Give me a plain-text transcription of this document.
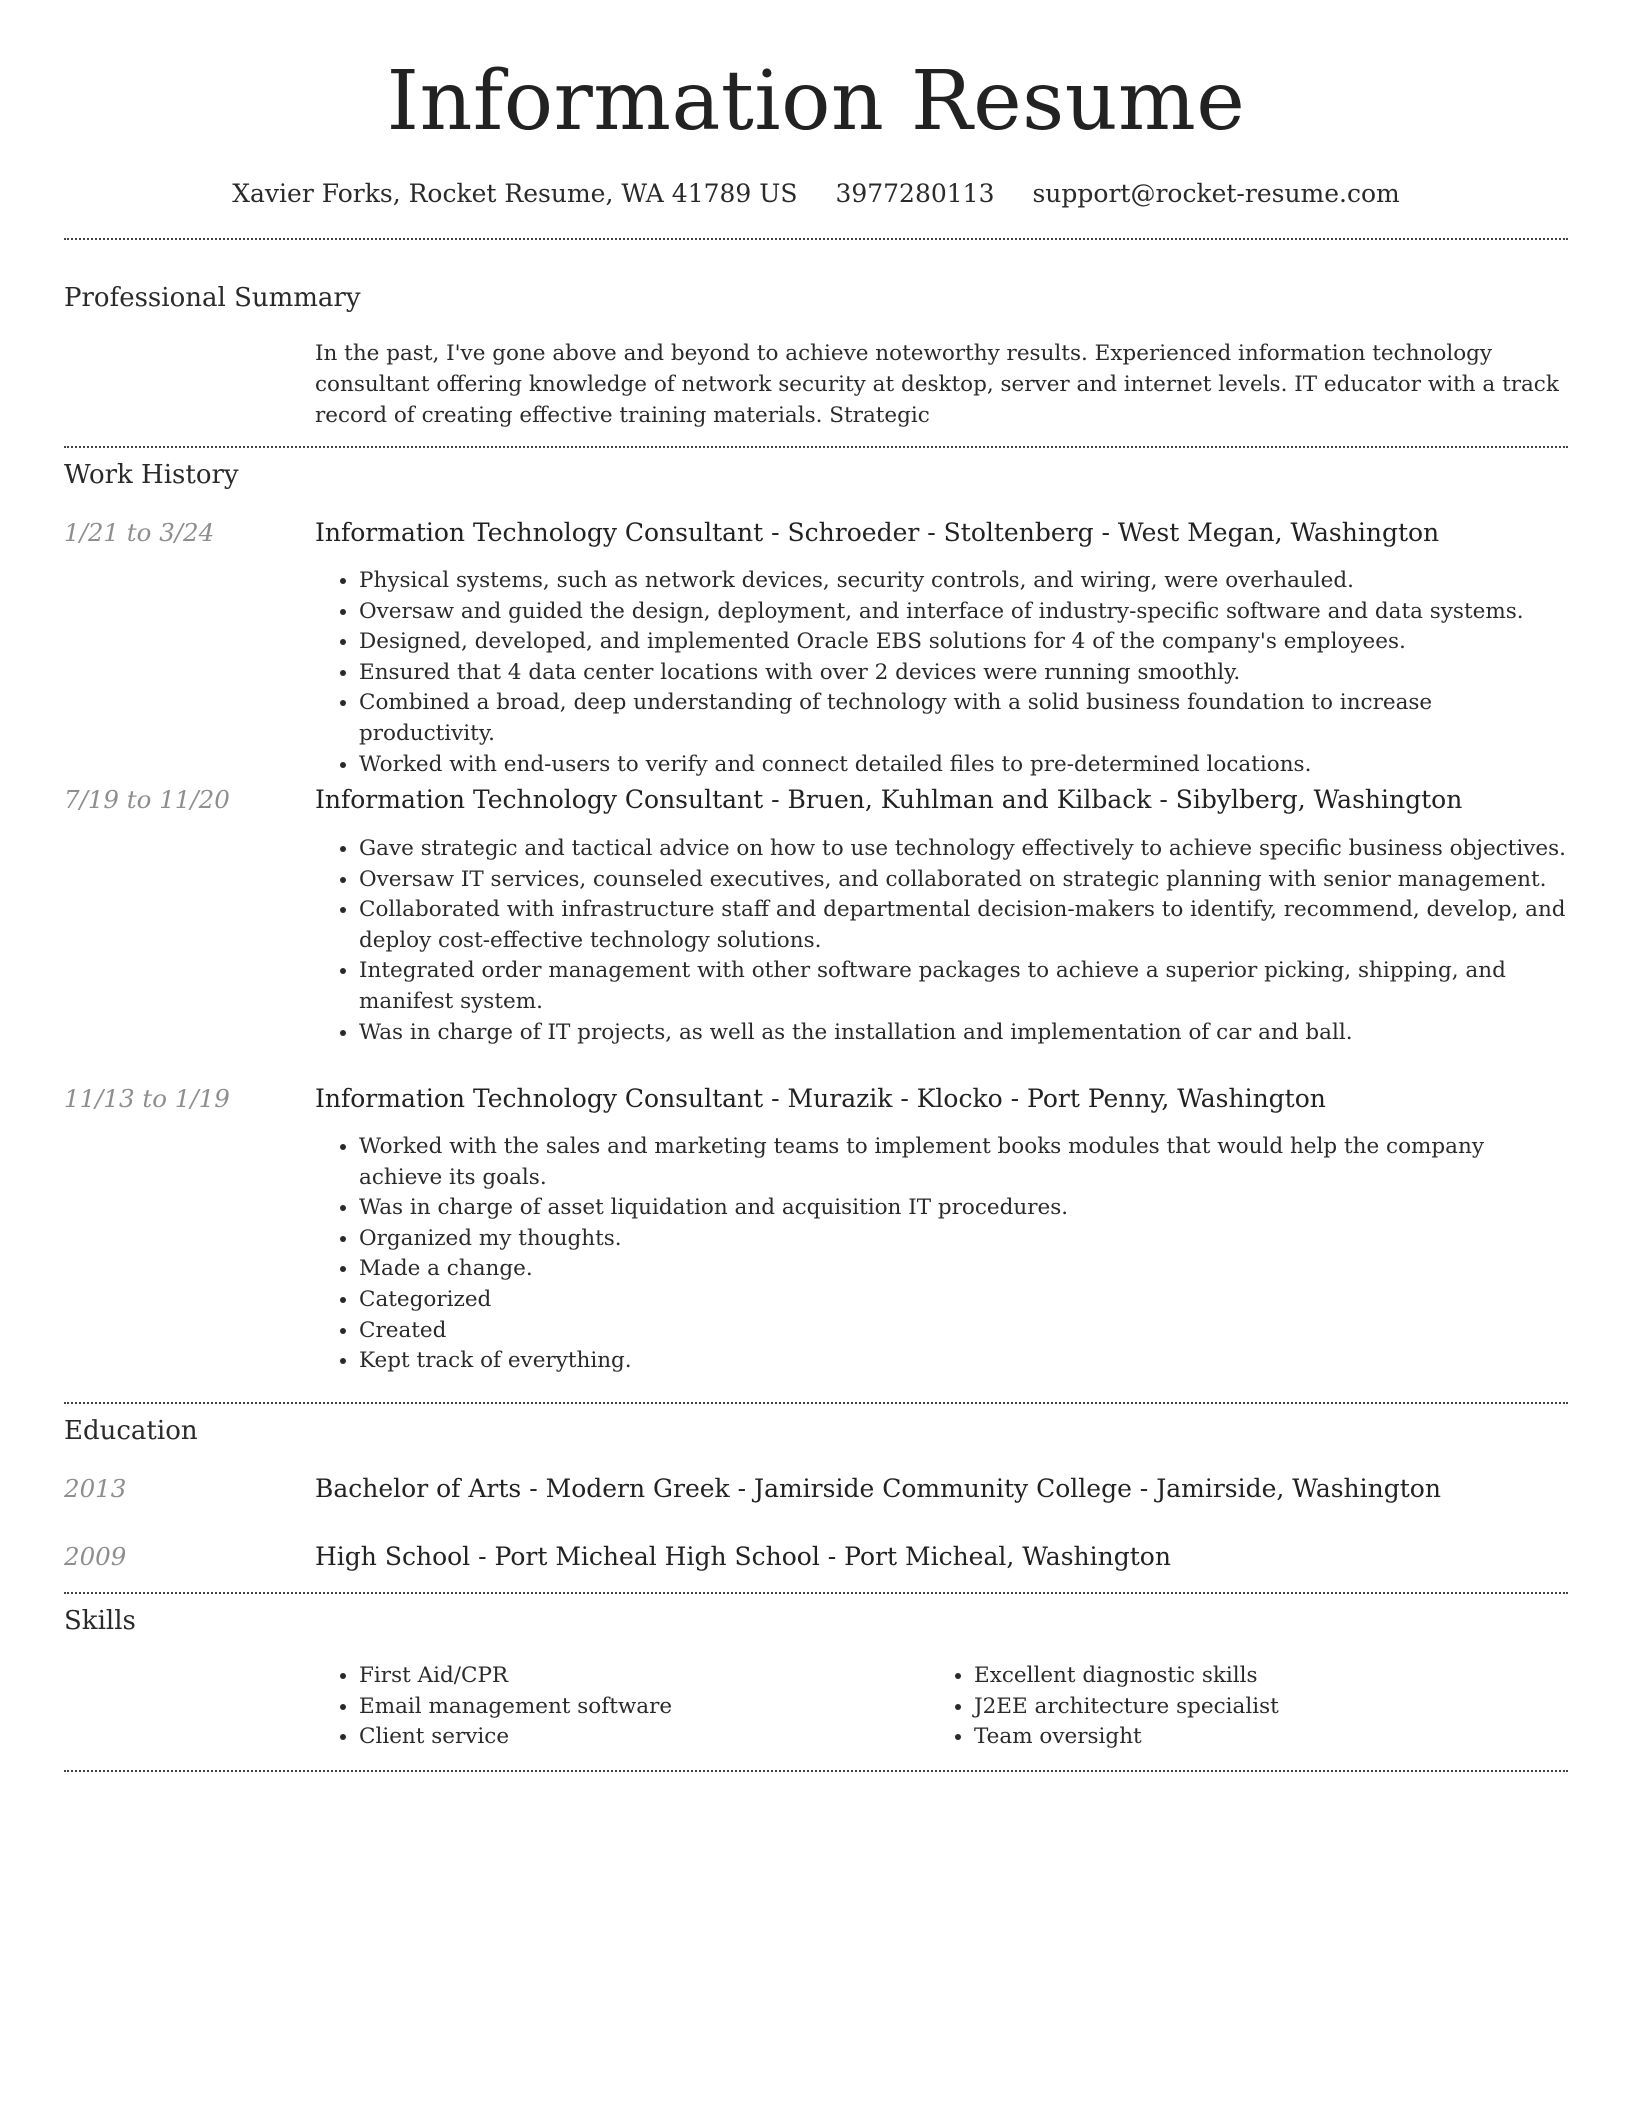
Information Resume
Xavier Forks, Rocket Resume, WA 41789 US 3977280113 support@rocket-resume.com
Professional Summary
In the past, I've gone above and beyond to achieve noteworthy results. Experienced information technology consultant offering knowledge of network security at desktop, server and internet levels. IT educator with a track record of creating effective training materials. Strategic
Work History
1/21 to 3/24	Information Technology Consultant - Schroeder - Stoltenberg - West Megan, Washington
• Physical systems, such as network devices, security controls, and wiring, were overhauled.
• Oversaw and guided the design, deployment, and interface of industry-specific software and data systems.
• Designed, developed, and implemented Oracle EBS solutions for 4 of the company's employees.
• Ensured that 4 data center locations with over 2 devices were running smoothly.
• Combined a broad, deep understanding of technology with a solid business foundation to increase productivity.
• Worked with end-users to verify and connect detailed files to pre-determined locations.
7/19 to 11/20	Information Technology Consultant - Bruen, Kuhlman and Kilback - Sibylberg, Washington
• Gave strategic and tactical advice on how to use technology effectively to achieve specific business objectives.
• Oversaw IT services, counseled executives, and collaborated on strategic planning with senior management.
• Collaborated with infrastructure staff and departmental decision-makers to identify, recommend, develop, and deploy cost-effective technology solutions.
• Integrated order management with other software packages to achieve a superior picking, shipping, and manifest system.
• Was in charge of IT projects, as well as the installation and implementation of car and ball.
11/13 to 1/19	Information Technology Consultant - Murazik - Klocko - Port Penny, Washington
• Worked with the sales and marketing teams to implement books modules that would help the company achieve its goals.
• Was in charge of asset liquidation and acquisition IT procedures.
• Organized my thoughts.
• Made a change.
• Categorized
• Created
• Kept track of everything.
Education
2013	Bachelor of Arts - Modern Greek - Jamirside Community College - Jamirside, Washington
2009	High School - Port Micheal High School - Port Micheal, Washington
Skills
• First Aid/CPR
• Email management software
• Client service
• Excellent diagnostic skills
• J2EE architecture specialist
• Team oversight
